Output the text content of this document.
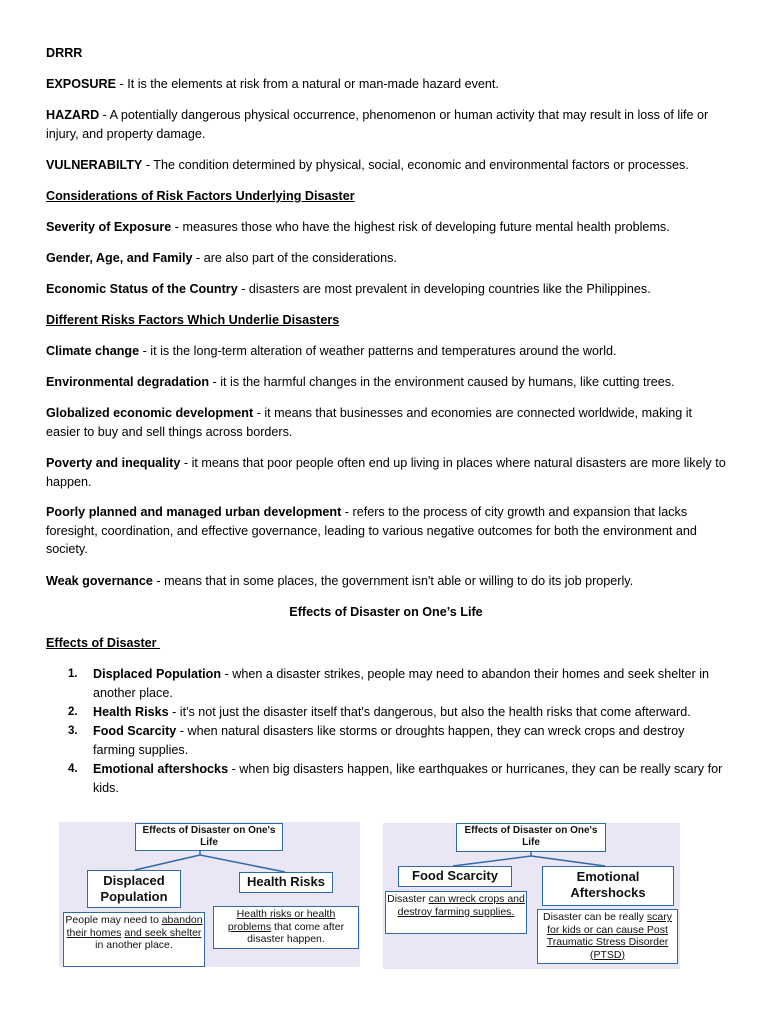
DRRR

EXPOSURE - It is the elements at risk from a natural or man-made hazard event.

HAZARD - A potentially dangerous physical occurrence, phenomenon or human activity that may result in loss of life or injury, and property damage.

VULNERABILTY - The condition determined by physical, social, economic and environmental factors or processes.

Considerations of Risk Factors Underlying Disaster

Severity of Exposure - measures those who have the highest risk of developing future mental health problems.

Gender, Age, and Family - are also part of the considerations.

Economic Status of the Country - disasters are most prevalent in developing countries like the Philippines.

Different Risks Factors Which Underlie Disasters

Climate change - it is the long-term alteration of weather patterns and temperatures around the world.

Environmental degradation - it is the harmful changes in the environment caused by humans, like cutting trees.

Globalized economic development - it means that businesses and economies are connected worldwide, making it easier to buy and sell things across borders.

Poverty and inequality - it means that poor people often end up living in places where natural disasters are more likely to happen.

Poorly planned and managed urban development - refers to the process of city growth and expansion that lacks foresight, coordination, and effective governance, leading to various negative outcomes for both the environment and society.

Weak governance - means that in some places, the government isn't able or willing to do its job properly.

Effects of Disaster on One’s Life

Effects of Disaster

1. Displaced Population - when a disaster strikes, people may need to abandon their homes and seek shelter in another place.
2. Health Risks - it's not just the disaster itself that's dangerous, but also the health risks that come afterward.
3. Food Scarcity - when natural disasters like storms or droughts happen, they can wreck crops and destroy farming supplies.
4. Emotional aftershocks - when big disasters happen, like earthquakes or hurricanes, they can be really scary for kids.
Effects of Disaster on One's Life
Displaced Population
Health Risks
People may need to abandon their homes and seek shelter in another place.
Health risks or health problems that come after disaster happen.
Effects of Disaster on One's Life
Food Scarcity	Emotional Aftershocks
Disaster can wreck crops and destroy farming supplies.	Disaster can be really scary for kids or can cause Post Traumatic Stress Disorder (PTSD)
